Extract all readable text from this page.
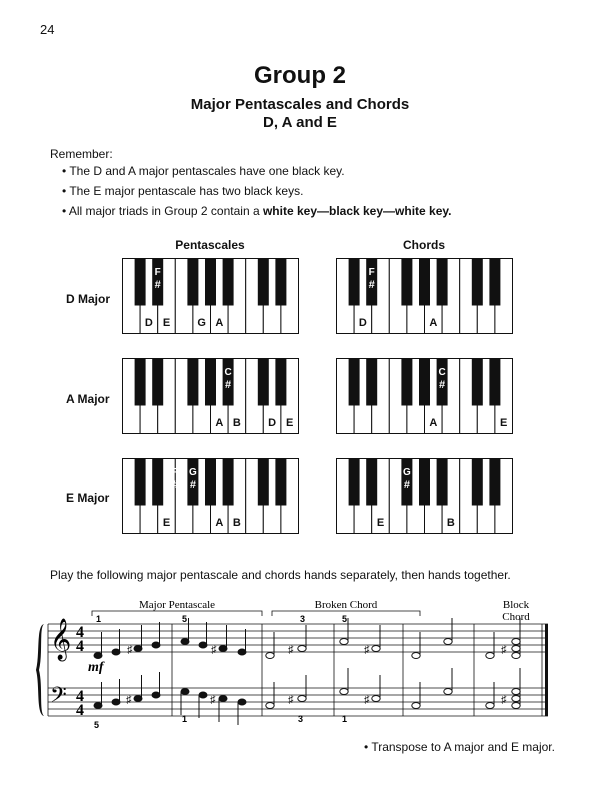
24
Group 2
Major Pentascales and Chords
D, A and E
Remember:
• The D and A major pentascales have one black key.
• The E major pentascale has two black keys.
• All major triads in Group 2 contain a white key—black key—white key.
Pentascales	Chords
D Major
A Major
E Major
D E G A
F
#
D	A
F
#
A B D E
C
#
A	E
C
#
E	A B
F
#
G
#
E	B
G
#
Play the following major pentascale and chords hands separately, then hands together.
Major Pentascale	Broken Chord	Block
Chord
𝄞
𝄢
4
4
4
4
mf
1	5	3	5
5
1	3	1
♯	♯	♯	♯	♯
♯	♯	♯	♯	♯
• Transpose to A major and E major.
